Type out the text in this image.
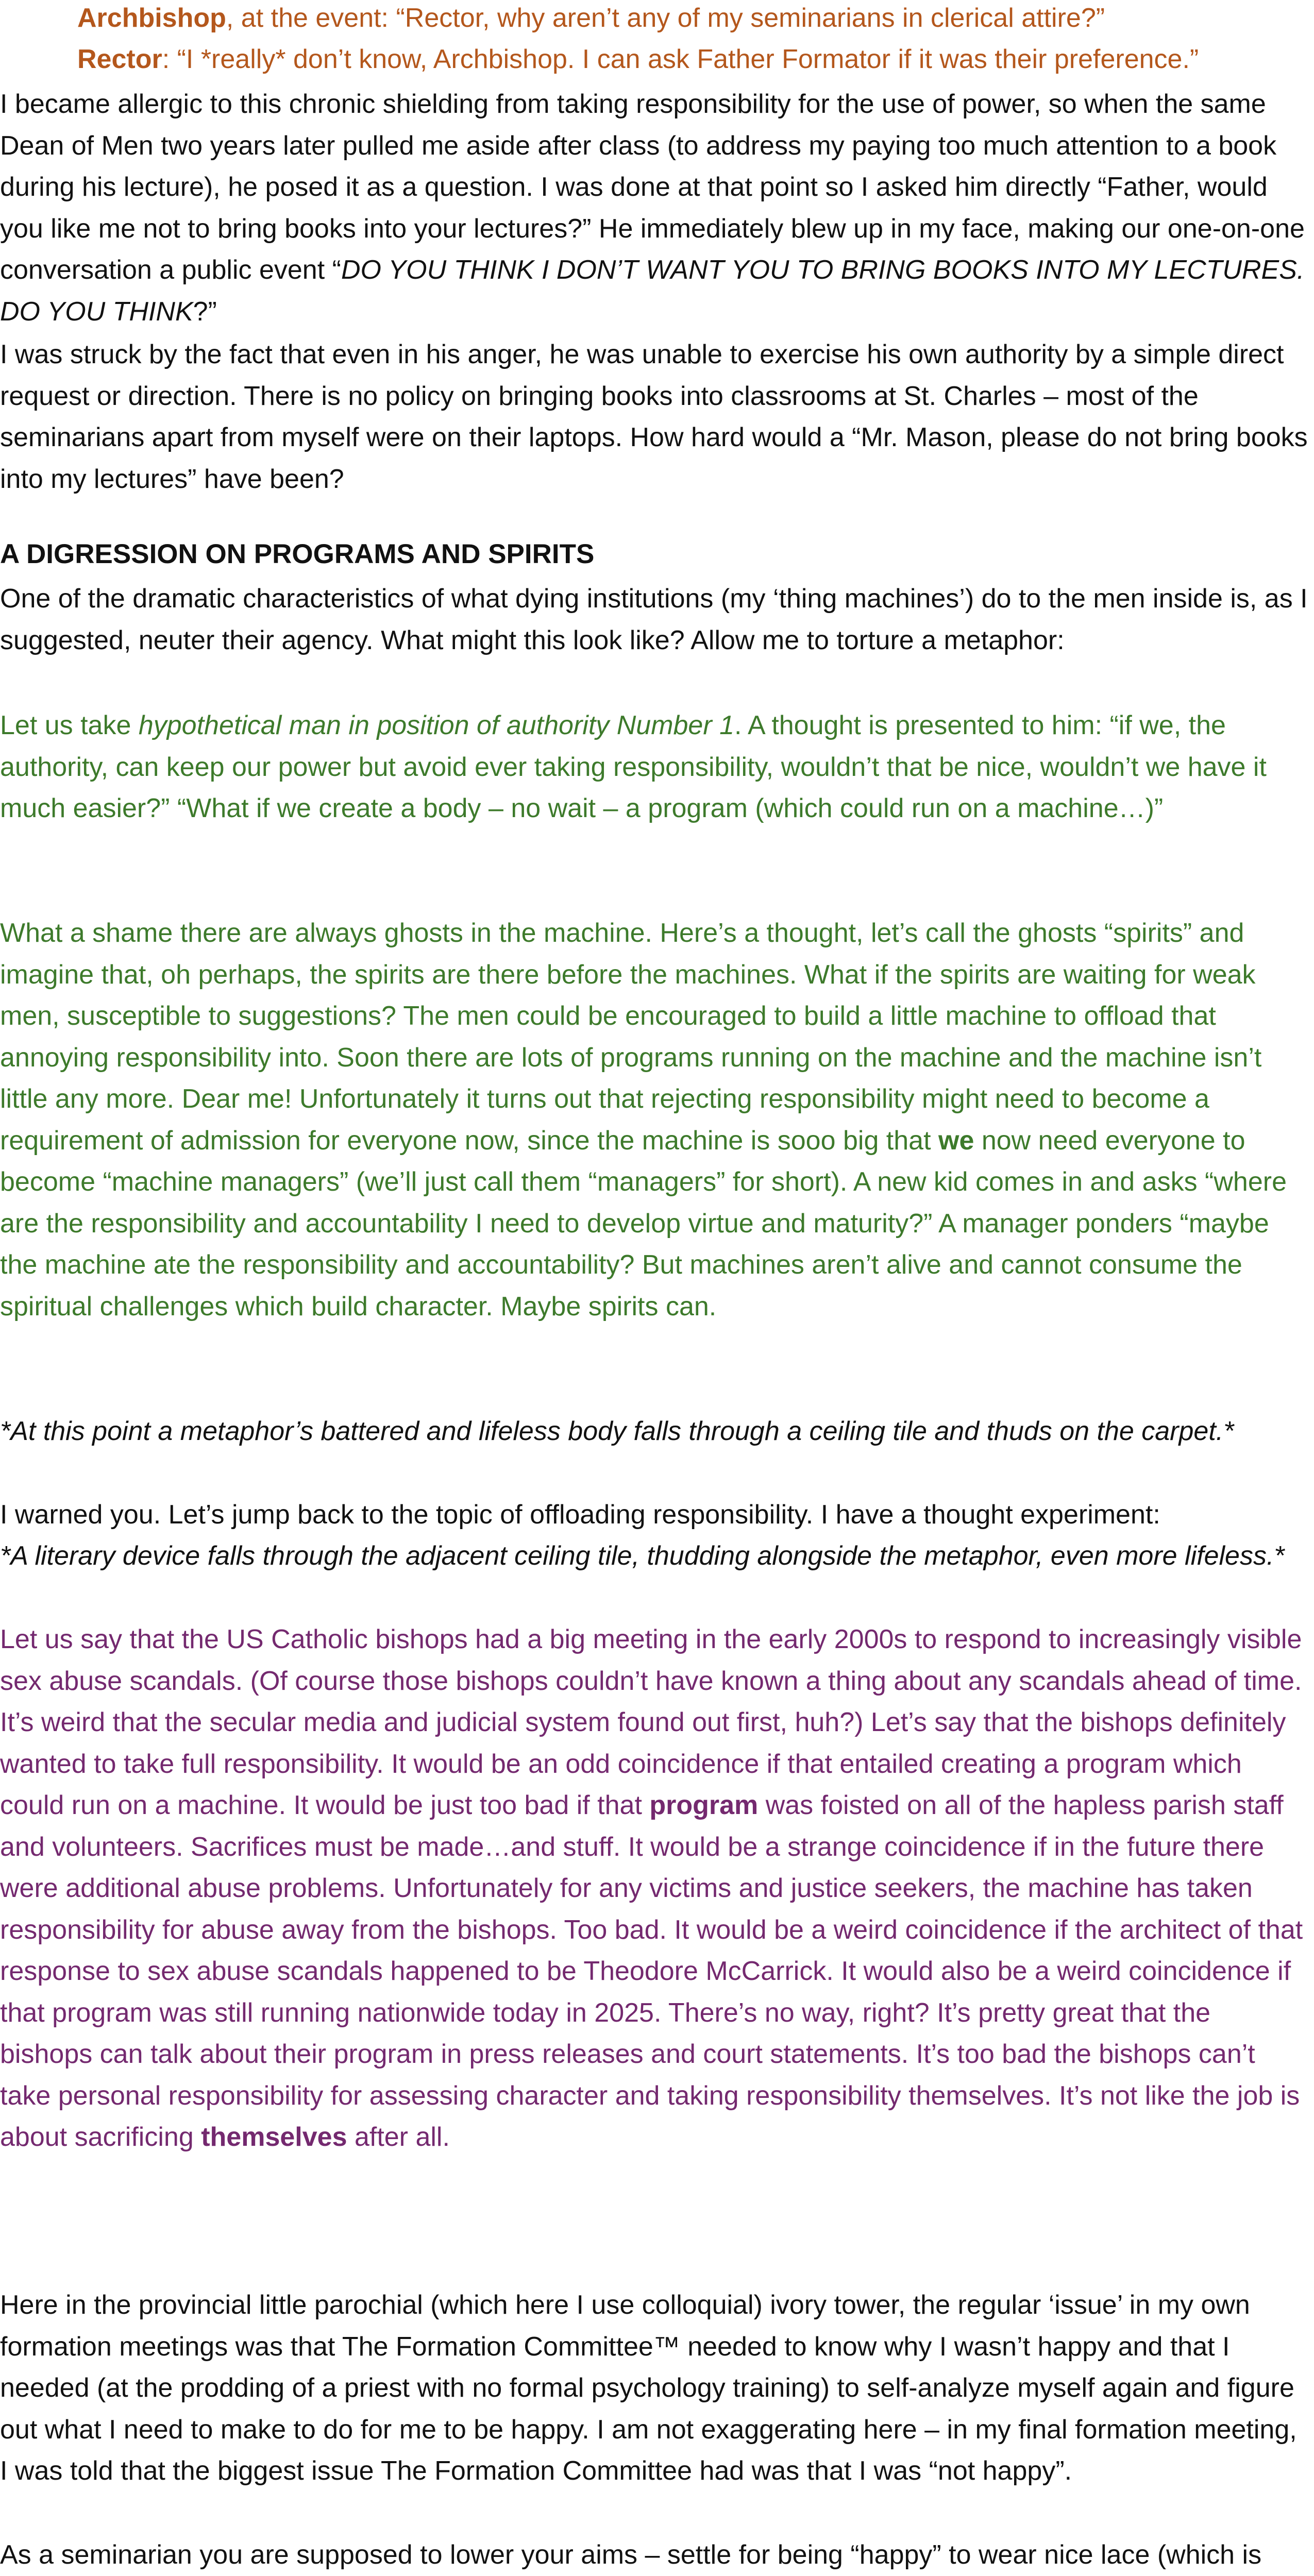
Archbishop, at the event: “Rector, why aren’t any of my seminarians in clerical attire?”

Rector: “I *really* don’t know, Archbishop. I can ask Father Formator if it was their preference.”

I became allergic to this chronic shielding from taking responsibility for the use of power, so when the same Dean of Men two years later pulled me aside after class (to address my paying too much attention to a book during his lecture), he posed it as a question. I was done at that point so I asked him directly “Father, would you like me not to bring books into your lectures?” He immediately blew up in my face, making our one-on-one conversation a public event “DO YOU THINK I DON’T WANT YOU TO BRING BOOKS INTO MY LECTURES. DO YOU THINK?”

I was struck by the fact that even in his anger, he was unable to exercise his own authority by a simple direct request or direction. There is no policy on bringing books into classrooms at St. Charles – most of the seminarians apart from myself were on their laptops. How hard would a “Mr. Mason, please do not bring books into my lectures” have been?

A DIGRESSION ON PROGRAMS AND SPIRITS

One of the dramatic characteristics of what dying institutions (my ‘thing machines’) do to the men inside is, as I suggested, neuter their agency. What might this look like? Allow me to torture a metaphor:

Let us take hypothetical man in position of authority Number 1. A thought is presented to him: “if we, the authority, can keep our power but avoid ever taking responsibility, wouldn’t that be nice, wouldn’t we have it much easier?” “What if we create a body – no wait – a program (which could run on a machine…)”

What a shame there are always ghosts in the machine. Here’s a thought, let’s call the ghosts “spirits” and imagine that, oh perhaps, the spirits are there before the machines. What if the spirits are waiting for weak men, susceptible to suggestions? The men could be encouraged to build a little machine to offload that annoying responsibility into. Soon there are lots of programs running on the machine and the machine isn’t little any more. Dear me! Unfortunately it turns out that rejecting responsibility might need to become a requirement of admission for everyone now, since the machine is sooo big that we now need everyone to become “machine managers” (we’ll just call them “managers” for short). A new kid comes in and asks “where are the responsibility and accountability I need to develop virtue and maturity?” A manager ponders “maybe the machine ate the responsibility and accountability? But machines aren’t alive and cannot consume the spiritual challenges which build character. Maybe spirits can.

*At this point a metaphor’s battered and lifeless body falls through a ceiling tile and thuds on the carpet.*

I warned you. Let’s jump back to the topic of offloading responsibility. I have a thought experiment:

*A literary device falls through the adjacent ceiling tile, thudding alongside the metaphor, even more lifeless.*

Let us say that the US Catholic bishops had a big meeting in the early 2000s to respond to increasingly visible sex abuse scandals. (Of course those bishops couldn’t have known a thing about any scandals ahead of time. It’s weird that the secular media and judicial system found out first, huh?) Let’s say that the bishops definitely wanted to take full responsibility. It would be an odd coincidence if that entailed creating a program which could run on a machine. It would be just too bad if that program was foisted on all of the hapless parish staff and volunteers. Sacrifices must be made…and stuff. It would be a strange coincidence if in the future there were additional abuse problems. Unfortunately for any victims and justice seekers, the machine has taken responsibility for abuse away from the bishops. Too bad. It would be a weird coincidence if the architect of that response to sex abuse scandals happened to be Theodore McCarrick. It would also be a weird coincidence if that program was still running nationwide today in 2025. There’s no way, right? It’s pretty great that the bishops can talk about their program in press releases and court statements. It’s too bad the bishops can’t take personal responsibility for assessing character and taking responsibility themselves. It’s not like the job is about sacrificing themselves after all.

Here in the provincial little parochial (which here I use colloquial) ivory tower, the regular ‘issue’ in my own formation meetings was that The Formation Committee™ needed to know why I wasn’t happy and that I needed (at the prodding of a priest with no formal psychology training) to self-analyze myself again and figure out what I need to make to do for me to be happy. I am not exaggerating here – in my final formation meeting, I was told that the biggest issue The Formation Committee had was that I was “not happy”.

As a seminarian you are supposed to lower your aims – settle for being “happy” to wear nice lace (which is
